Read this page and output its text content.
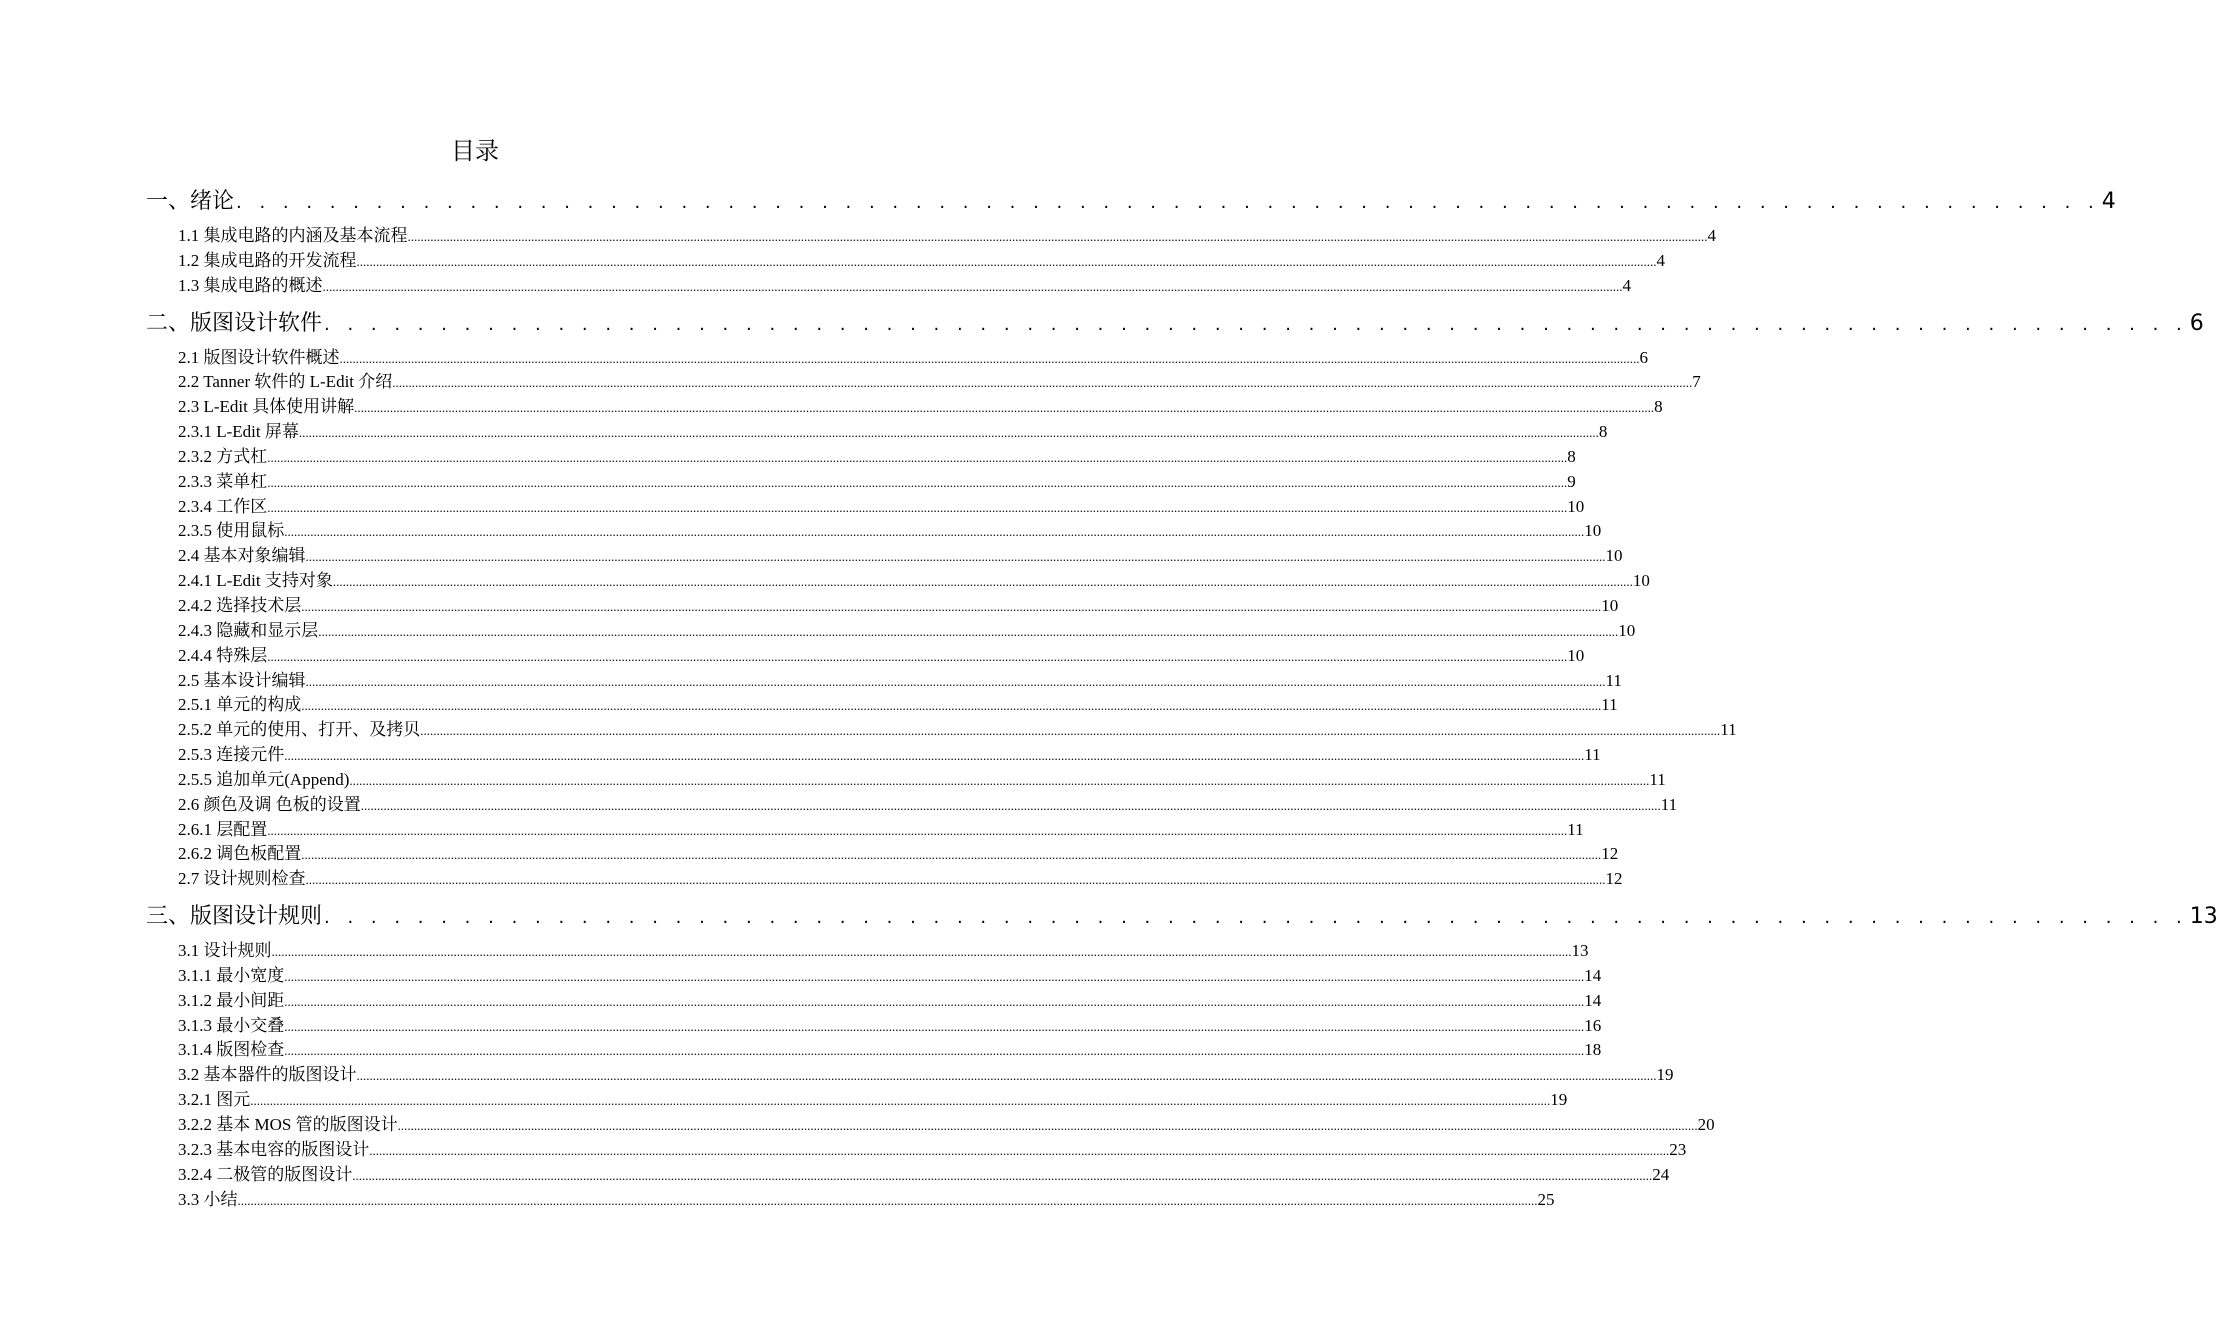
目录
一、绪论 . . . . . . . . . . . . . . . . . . . . . . . . . . . . . . . . . . . . . . . . . . . . . . . . . . . . . . . . . . . . . . . . . . . . . . . . . . . . . . . . 4
1.1 集成电路的内涵及基本流程 ................................................................................................................................................................................................................................................................................................................................................................................................................ 4
1.2 集成电路的开发流程 ................................................................................................................................................................................................................................................................................................................................................................................................................ 4
1.3 集成电路的概述 ................................................................................................................................................................................................................................................................................................................................................................................................................ 4
二、版图设计软件 . . . . . . . . . . . . . . . . . . . . . . . . . . . . . . . . . . . . . . . . . . . . . . . . . . . . . . . . . . . . . . . . . . . . . . . . . . . . . . . . 6
2.1 版图设计软件概述 ................................................................................................................................................................................................................................................................................................................................................................................................................ 6
2.2 Tanner 软件的 L-Edit 介绍 ................................................................................................................................................................................................................................................................................................................................................................................................................ 7
2.3 L-Edit 具体使用讲解 ................................................................................................................................................................................................................................................................................................................................................................................................................ 8
2.3.1 L-Edit 屏幕 ................................................................................................................................................................................................................................................................................................................................................................................................................ 8
2.3.2 方式杠 ................................................................................................................................................................................................................................................................................................................................................................................................................ 8
2.3.3 菜单杠 ................................................................................................................................................................................................................................................................................................................................................................................................................ 9
2.3.4 工作区 ................................................................................................................................................................................................................................................................................................................................................................................................................ 10
2.3.5 使用鼠标 ................................................................................................................................................................................................................................................................................................................................................................................................................ 10
2.4 基本对象编辑 ................................................................................................................................................................................................................................................................................................................................................................................................................ 10
2.4.1 L-Edit 支持对象 ................................................................................................................................................................................................................................................................................................................................................................................................................ 10
2.4.2 选择技术层 ................................................................................................................................................................................................................................................................................................................................................................................................................ 10
2.4.3 隐藏和显示层 ................................................................................................................................................................................................................................................................................................................................................................................................................ 10
2.4.4 特殊层 ................................................................................................................................................................................................................................................................................................................................................................................................................ 10
2.5 基本设计编辑 ................................................................................................................................................................................................................................................................................................................................................................................................................ 11
2.5.1 单元的构成 ................................................................................................................................................................................................................................................................................................................................................................................................................ 11
2.5.2 单元的使用、打开、及拷贝 ................................................................................................................................................................................................................................................................................................................................................................................................................ 11
2.5.3 连接元件 ................................................................................................................................................................................................................................................................................................................................................................................................................ 11
2.5.5 追加单元(Append) ................................................................................................................................................................................................................................................................................................................................................................................................................ 11
2.6 颜色及调 色板的设置 ................................................................................................................................................................................................................................................................................................................................................................................................................ 11
2.6.1 层配置 ................................................................................................................................................................................................................................................................................................................................................................................................................ 11
2.6.2 调色板配置 ................................................................................................................................................................................................................................................................................................................................................................................................................ 12
2.7 设计规则检查 ................................................................................................................................................................................................................................................................................................................................................................................................................ 12
三、版图设计规则 . . . . . . . . . . . . . . . . . . . . . . . . . . . . . . . . . . . . . . . . . . . . . . . . . . . . . . . . . . . . . . . . . . . . . . . . . . . . . . . . 13
3.1 设计规则 ................................................................................................................................................................................................................................................................................................................................................................................................................ 13
3.1.1 最小宽度 ................................................................................................................................................................................................................................................................................................................................................................................................................ 14
3.1.2 最小间距 ................................................................................................................................................................................................................................................................................................................................................................................................................ 14
3.1.3 最小交叠 ................................................................................................................................................................................................................................................................................................................................................................................................................ 16
3.1.4 版图检查 ................................................................................................................................................................................................................................................................................................................................................................................................................ 18
3.2 基本器件的版图设计 ................................................................................................................................................................................................................................................................................................................................................................................................................ 19
3.2.1 图元 ................................................................................................................................................................................................................................................................................................................................................................................................................ 19
3.2.2 基本 MOS 管的版图设计 ................................................................................................................................................................................................................................................................................................................................................................................................................ 20
3.2.3 基本电容的版图设计 ................................................................................................................................................................................................................................................................................................................................................................................................................ 23
3.2.4 二极管的版图设计 ................................................................................................................................................................................................................................................................................................................................................................................................................ 24
3.3 小结 ................................................................................................................................................................................................................................................................................................................................................................................................................ 25
